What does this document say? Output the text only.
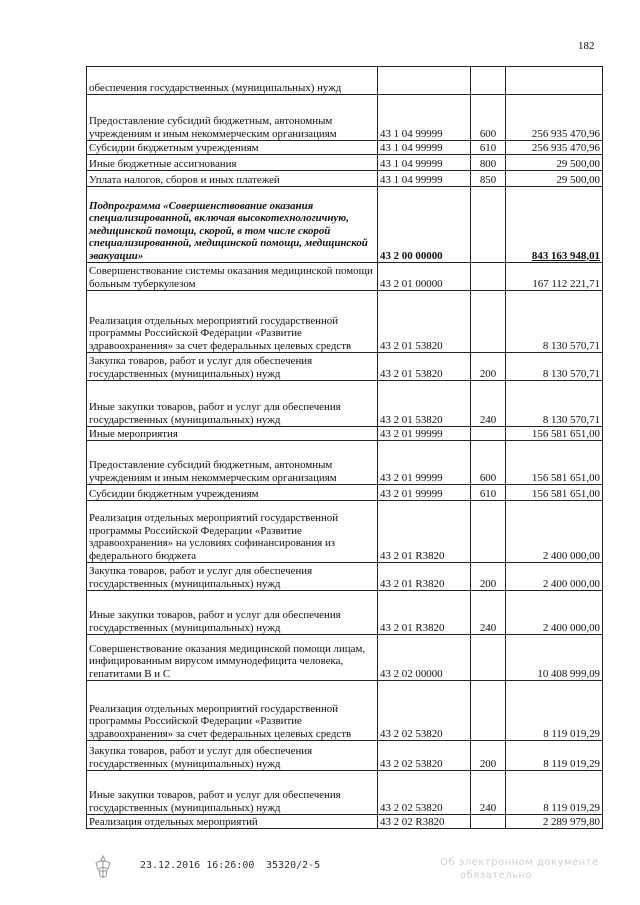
182
обеспечения государственных (муниципальных) нужд			
Предоставление субсидий бюджетным, автономным учреждениям и иным некоммерческим организациям	43 1 04 99999	600	256 935 470,96
Субсидии бюджетным учреждениям	43 1 04 99999	610	256 935 470,96
Иные бюджетные ассигнования	43 1 04 99999	800	29 500,00
Уплата налогов, сборов и иных платежей	43 1 04 99999	850	29 500,00
Подпрограмма «Совершенствование оказания специализированной, включая высокотехнологичную, медицинской помощи, скорой, в том числе скорой специализированной, медицинской помощи, медицинской эвакуации»	43 2 00 00000		843 163 948,01
Совершенствование системы оказания медицинской помощи больным туберкулезом	43 2 01 00000		167 112 221,71
Реализация отдельных мероприятий государственной программы Российской Федерации «Развитие здравоохранения» за счет федеральных целевых средств	43 2 01 53820		8 130 570,71
Закупка товаров, работ и услуг для обеспечения государственных (муниципальных) нужд	43 2 01 53820	200	8 130 570,71
Иные закупки товаров, работ и услуг для обеспечения государственных (муниципальных) нужд	43 2 01 53820	240	8 130 570,71
Иные мероприятия	43 2 01 99999		156 581 651,00
Предоставление субсидий бюджетным, автономным учреждениям и иным некоммерческим организациям	43 2 01 99999	600	156 581 651,00
Субсидии бюджетным учреждениям	43 2 01 99999	610	156 581 651,00
Реализация отдельных мероприятий государственной программы Российской Федерации «Развитие здравоохранения» на условиях софинансирования из федерального бюджета	43 2 01 R3820		2 400 000,00
Закупка товаров, работ и услуг для обеспечения государственных (муниципальных) нужд	43 2 01 R3820	200	2 400 000,00
Иные закупки товаров, работ и услуг для обеспечения государственных (муниципальных) нужд	43 2 01 R3820	240	2 400 000,00
Совершенствование оказания медицинской помощи лицам, инфицированным вирусом иммунодефицита человека, гепатитами В и С	43 2 02 00000		10 408 999,09
Реализация отдельных мероприятий государственной программы Российской Федерации «Развитие здравоохранения» за счет федеральных целевых средств	43 2 02 53820		8 119 019,29
Закупка товаров, работ и услуг для обеспечения государственных (муниципальных) нужд	43 2 02 53820	200	8 119 019,29
Иные закупки товаров, работ и услуг для обеспечения государственных (муниципальных) нужд	43 2 02 53820	240	8 119 019,29
Реализация отдельных мероприятий	43 2 02 R3820		2 289 979,80
23.12.2016 16:26:00 35320/2-5	Об электронном документе
обязательно
